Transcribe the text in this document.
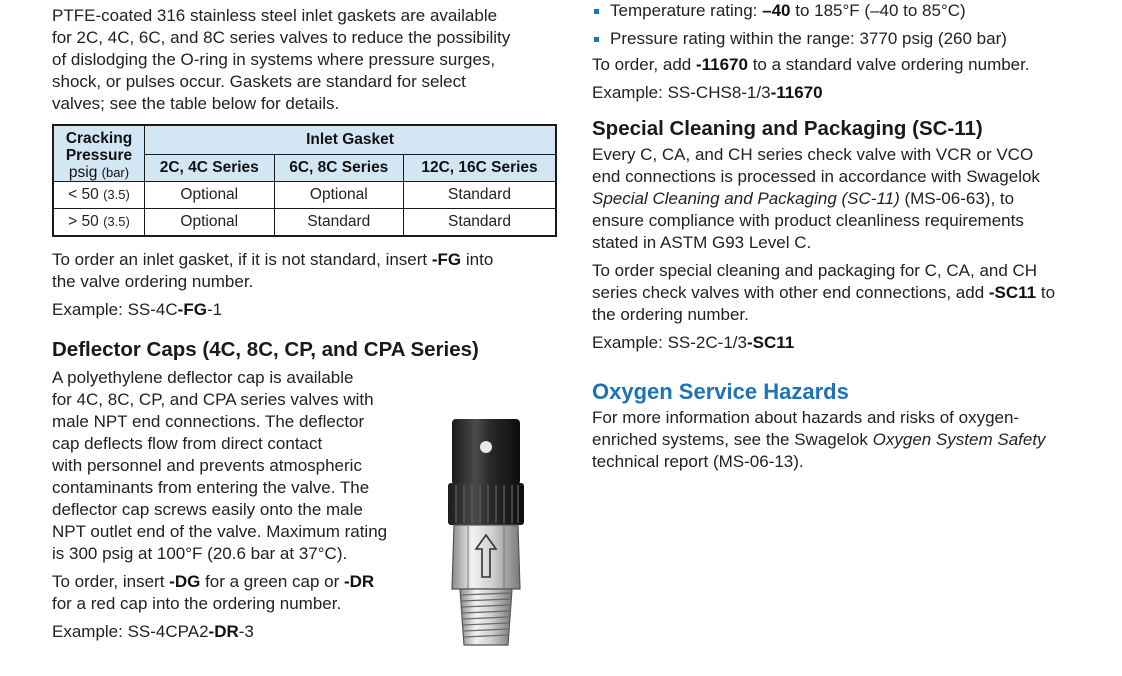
PTFE-coated 316 stainless steel inlet gaskets are available
for 2C, 4C, 6C, and 8C series valves to reduce the possibility
of dislodging the O-ring in systems where pressure surges,
shock, or pulses occur. Gaskets are standard for select
valves; see the table below for details.
Cracking
Pressure
psig (bar)	Inlet Gasket		
	2C, 4C Series	6C, 8C Series	12C, 16C Series
< 50 (3.5)	Optional	Optional	Standard
> 50 (3.5)	Optional	Standard	Standard
To order an inlet gasket, if it is not standard, insert -FG into
the valve ordering number.
Example: SS-4C-FG-1
Deflector Caps (4C, 8C, CP, and CPA Series)
A polyethylene deflector cap is available
for 4C, 8C, CP, and CPA series valves with
male NPT end connections. The deflector
cap deflects flow from direct contact
with personnel and prevents atmospheric
contaminants from entering the valve. The
deflector cap screws easily onto the male
NPT outlet end of the valve. Maximum rating
is 300 psig at 100°F (20.6 bar at 37°C).
To order, insert -DG for a green cap or -DR
for a red cap into the ordering number.
Example: SS-4CPA2-DR-3
Temperature rating: –40 to 185°F (–40 to 85°C)
Pressure rating within the range: 3770 psig (260 bar)
To order, add -11670 to a standard valve ordering number.
Example: SS-CHS8-1/3-11670
Special Cleaning and Packaging (SC-11)
Every C, CA, and CH series check valve with VCR or VCO
end connections is processed in accordance with Swagelok
Special Cleaning and Packaging (SC-11) (MS-06-63), to
ensure compliance with product cleanliness requirements
stated in ASTM G93 Level C.
To order special cleaning and packaging for C, CA, and CH
series check valves with other end connections, add -SC11 to
the ordering number.
Example: SS-2C-1/3-SC11
Oxygen Service Hazards
For more information about hazards and risks of oxygen-
enriched systems, see the Swagelok Oxygen System Safety
technical report (MS-06-13).
